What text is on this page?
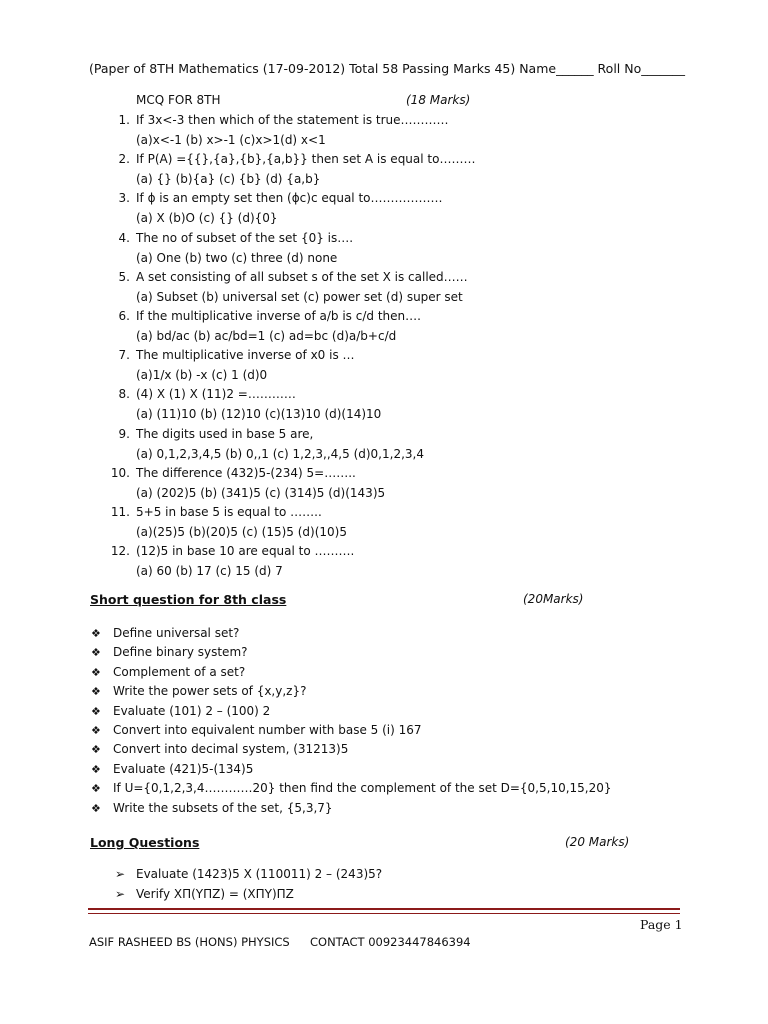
(Paper of 8TH Mathematics (17-09-2012) Total 58 Passing Marks 45) Name______ Roll No_______
MCQ FOR 8TH	(18 Marks)
1. If 3x<-3 then which of the statement is true…………
(a)x<-1 (b) x>-1 (c)x>1(d) x<1
2. If P(A) ={{},{a},{b},{a,b}} then set A is equal to………
(a) {} (b){a} (c) {b} (d) {a,b}
3. If ϕ is an empty set then (ϕc)c equal to………………
(a) X (b)O (c) {} (d){0}
4. The no of subset of the set {0} is….
(a) One (b) two (c) three (d) none
5. A set consisting of all subset s of the set X is called……
(a) Subset (b) universal set (c) power set (d) super set
6. If the multiplicative inverse of a/b is c/d then….
(a) bd/ac (b) ac/bd=1 (c) ad=bc (d)a/b+c/d
7. The multiplicative inverse of x0 is …
(a)1/x (b) -x (c) 1 (d)0
8. (4) X (1) X (11)2 =…………
(a) (11)10 (b) (12)10 (c)(13)10 (d)(14)10
9. The digits used in base 5 are,
(a) 0,1,2,3,4,5 (b) 0,,1 (c) 1,2,3,,4,5 (d)0,1,2,3,4
10. The difference (432)5-(234) 5=……..
(a) (202)5 (b) (341)5 (c) (314)5 (d)(143)5
11. 5+5 in base 5 is equal to ……..
(a)(25)5 (b)(20)5 (c) (15)5 (d)(10)5
12. (12)5 in base 10 are equal to ……….
(a) 60 (b) 17 (c) 15 (d) 7
Short question for 8th class	(20Marks)
❖ Define universal set?
❖ Define binary system?
❖ Complement of a set?
❖ Write the power sets of {x,y,z}?
❖ Evaluate (101) 2 – (100) 2
❖ Convert into equivalent number with base 5 (i) 167
❖ Convert into decimal system, (31213)5
❖ Evaluate (421)5-(134)5
❖ If U={0,1,2,3,4…………20} then find the complement of the set D={0,5,10,15,20}
❖ Write the subsets of the set, {5,3,7}
Long Questions	(20 Marks)
➢ Evaluate (1423)5 X (110011) 2 – (243)5?
➢ Verify XΠ(YΠZ) = (XΠY)ΠZ
Page 1
ASIF RASHEED BS (HONS) PHYSICS CONTACT 00923447846394
